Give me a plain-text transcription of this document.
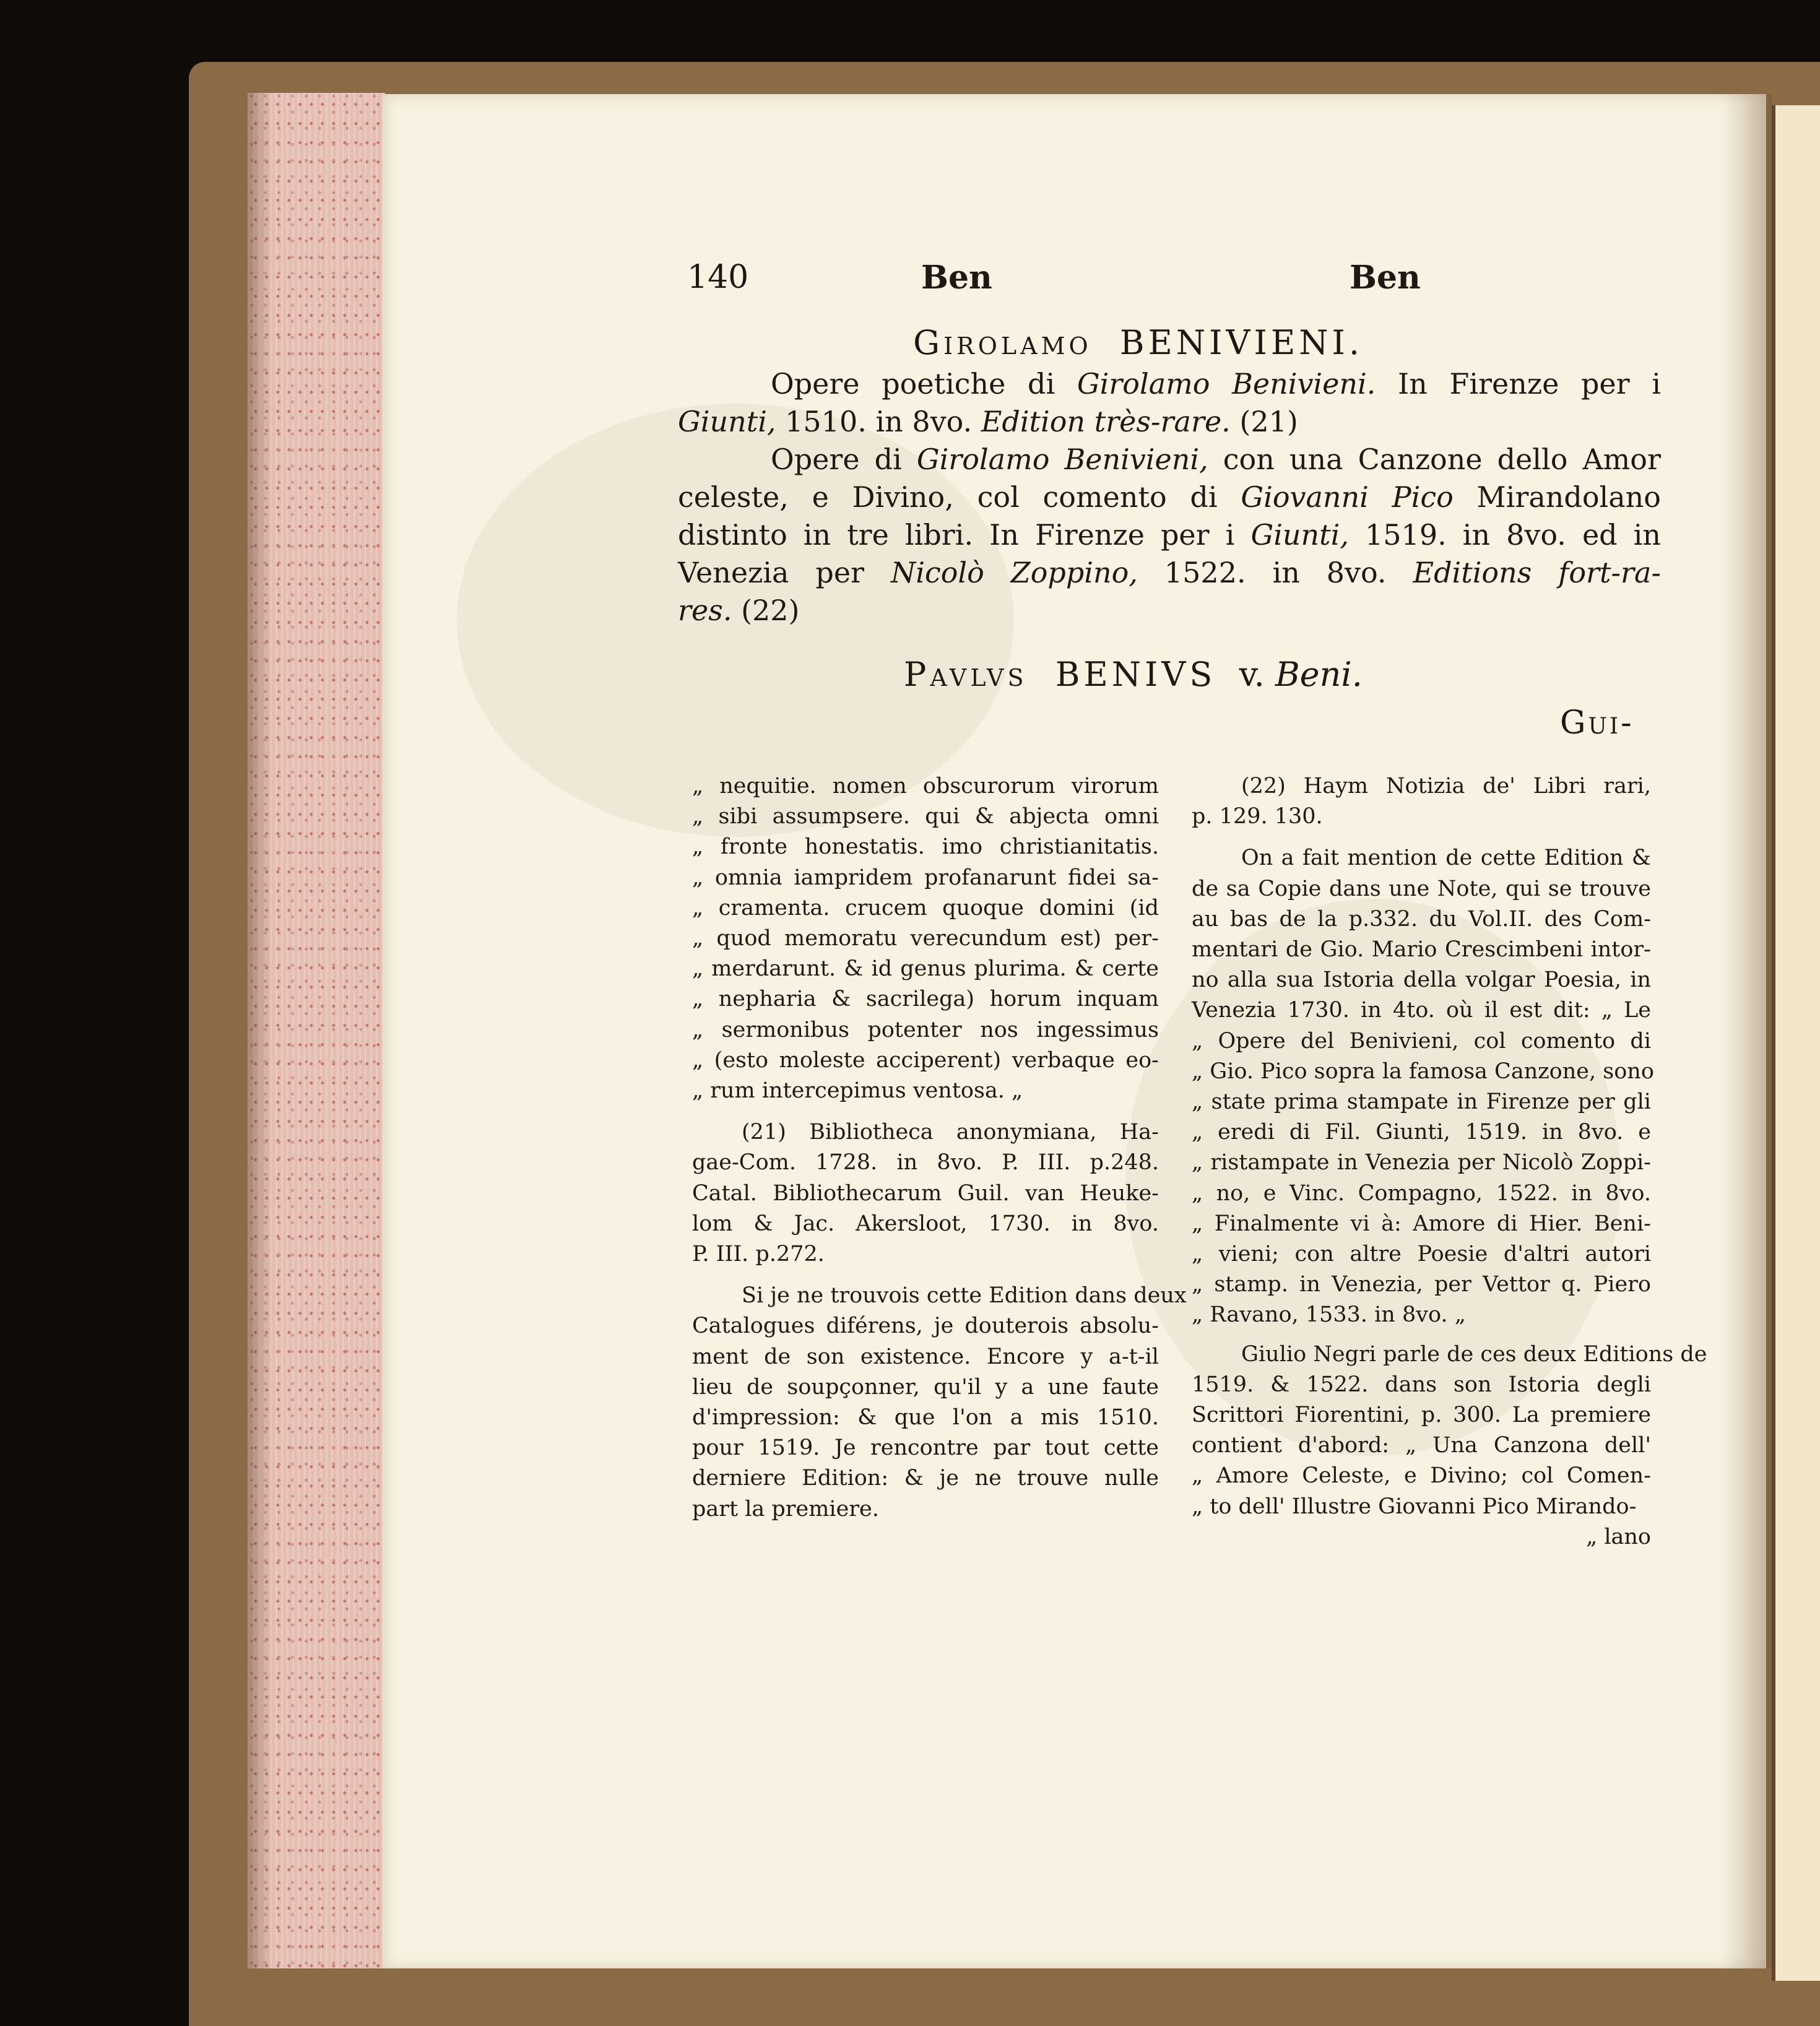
140	Ben	Ben
Girolamo BENIVIENI.
Opere poetiche di Girolamo Benivieni. In Firenze per i
Giunti, 1510. in 8vo. Edition très-rare. (21)
Opere di Girolamo Benivieni, con una Canzone dello Amor
celeste, e Divino, col comento di Giovanni Pico Mirandolano
distinto in tre libri. In Firenze per i Giunti, 1519. in 8vo. ed in
Venezia per Nicolò Zoppino, 1522. in 8vo. Editions fort-ra-
res. (22)
Pavlvs BENIVS v. Beni.
Gui-
„ nequitie. nomen obscurorum virorum
„ sibi assumpsere. qui & abjecta omni
„ fronte honestatis. imo christianitatis.
„ omnia iampridem profanarunt fidei sa-
„ cramenta. crucem quoque domini (id
„ quod memoratu verecundum est) per-
„ merdarunt. & id genus plurima. & certe
„ nepharia & sacrilega) horum inquam
„ sermonibus potenter nos ingessimus
„ (esto moleste acciperent) verbaque eo-
„ rum intercepimus ventosa. „
(21) Bibliotheca anonymiana, Ha-
gae-Com. 1728. in 8vo. P. III. p.248.
Catal. Bibliothecarum Guil. van Heuke-
lom & Jac. Akersloot, 1730. in 8vo.
P. III. p.272.
Si je ne trouvois cette Edition dans deux
Catalogues diférens, je douterois absolu-
ment de son existence. Encore y a-t-il
lieu de soupçonner, qu'il y a une faute
d'impression: & que l'on a mis 1510.
pour 1519. Je rencontre par tout cette
derniere Edition: & je ne trouve nulle
part la premiere.
(22) Haym Notizia de' Libri rari,
p. 129. 130.
On a fait mention de cette Edition &
de sa Copie dans une Note, qui se trouve
au bas de la p.332. du Vol.II. des Com-
mentari de Gio. Mario Crescimbeni intor-
no alla sua Istoria della volgar Poesia, in
Venezia 1730. in 4to. où il est dit: „ Le
„ Opere del Benivieni, col comento di
„ Gio. Pico sopra la famosa Canzone, sono
„ state prima stampate in Firenze per gli
„ eredi di Fil. Giunti, 1519. in 8vo. e
„ ristampate in Venezia per Nicolò Zoppi-
„ no, e Vinc. Compagno, 1522. in 8vo.
„ Finalmente vi à: Amore di Hier. Beni-
„ vieni; con altre Poesie d'altri autori
„ stamp. in Venezia, per Vettor q. Piero
„ Ravano, 1533. in 8vo. „
Giulio Negri parle de ces deux Editions de
1519. & 1522. dans son Istoria degli
Scrittori Fiorentini, p. 300. La premiere
contient d'abord: „ Una Canzona dell'
„ Amore Celeste, e Divino; col Comen-
„ to dell' Illustre Giovanni Pico Mirando-
„ lano
